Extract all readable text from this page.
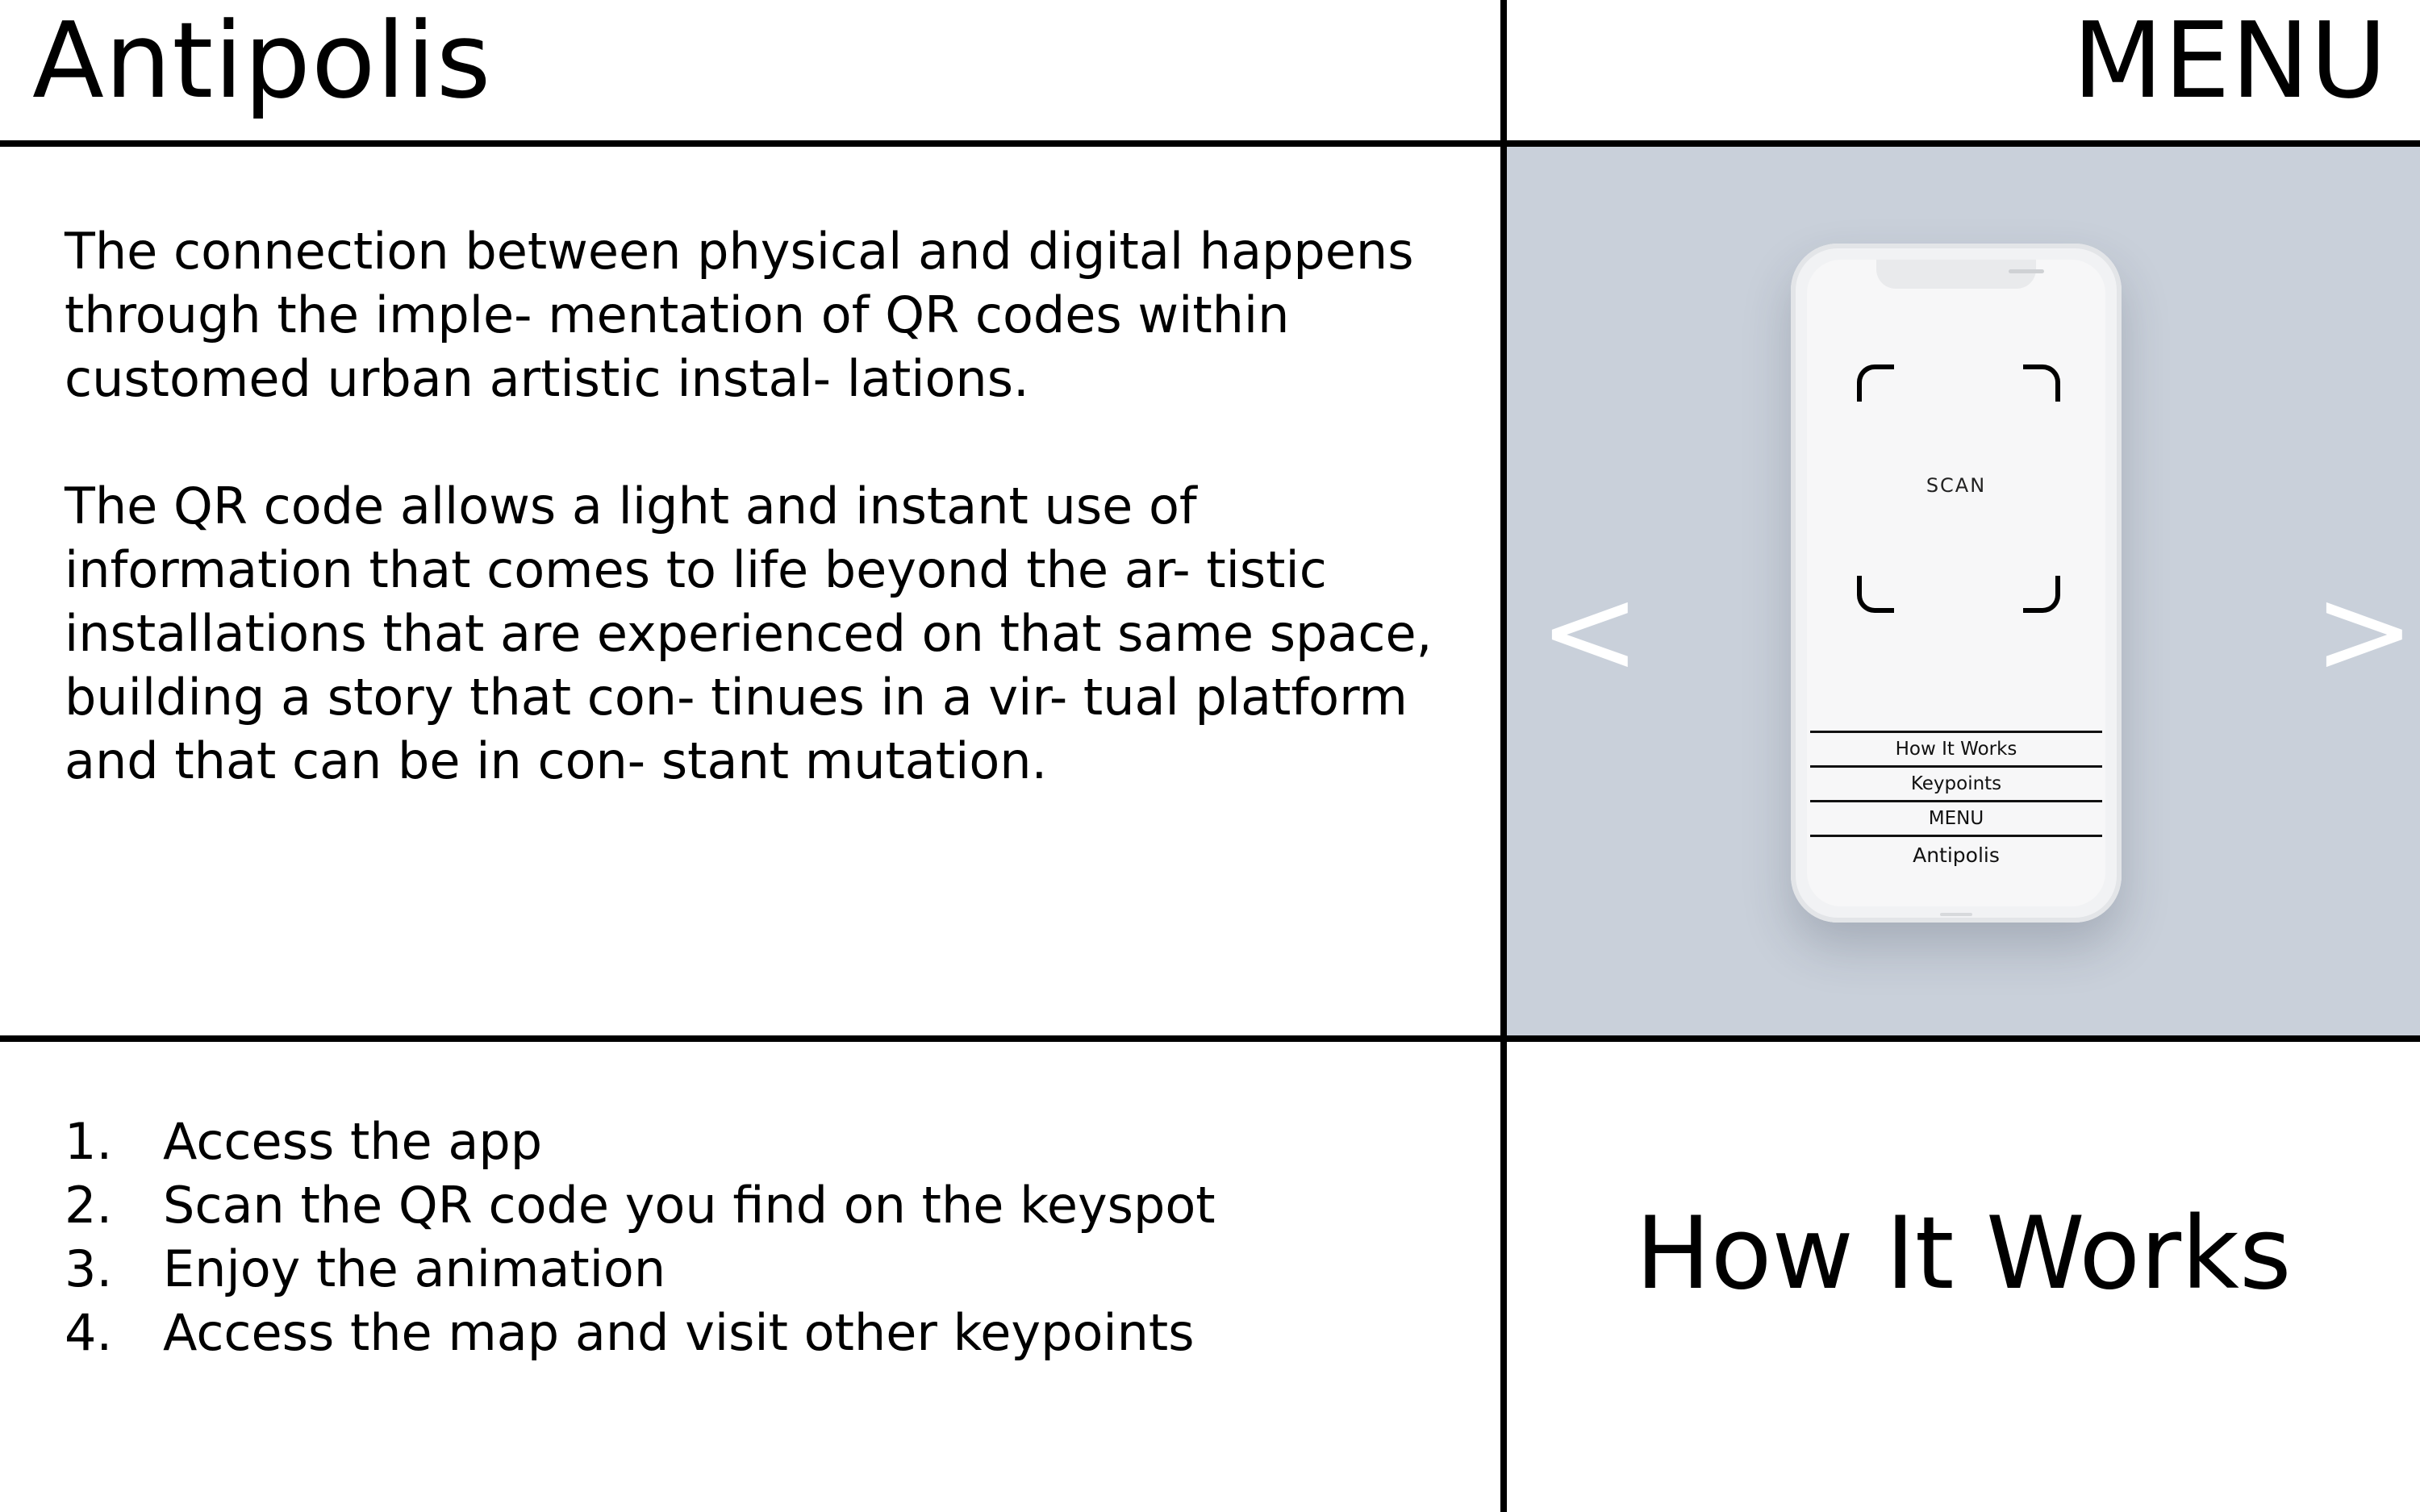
Antipolis	MENU

The connection between physical and digital happens through the imple- mentation of QR codes within customed urban artistic instal- lations.

The QR code allows a light and instant use of information that comes to life beyond the ar- tistic installations that are experienced on that same space, building a story that con- tinues in a vir- tual platform and that can be in con- stant mutation.

SCAN
How It Works
Keypoints
MENU
Antipolis
<	>
1. Access the app
2. Scan the QR code you find on the keyspot
3. Enjoy the animation
4. Access the map and visit other keypoints
How It Works
